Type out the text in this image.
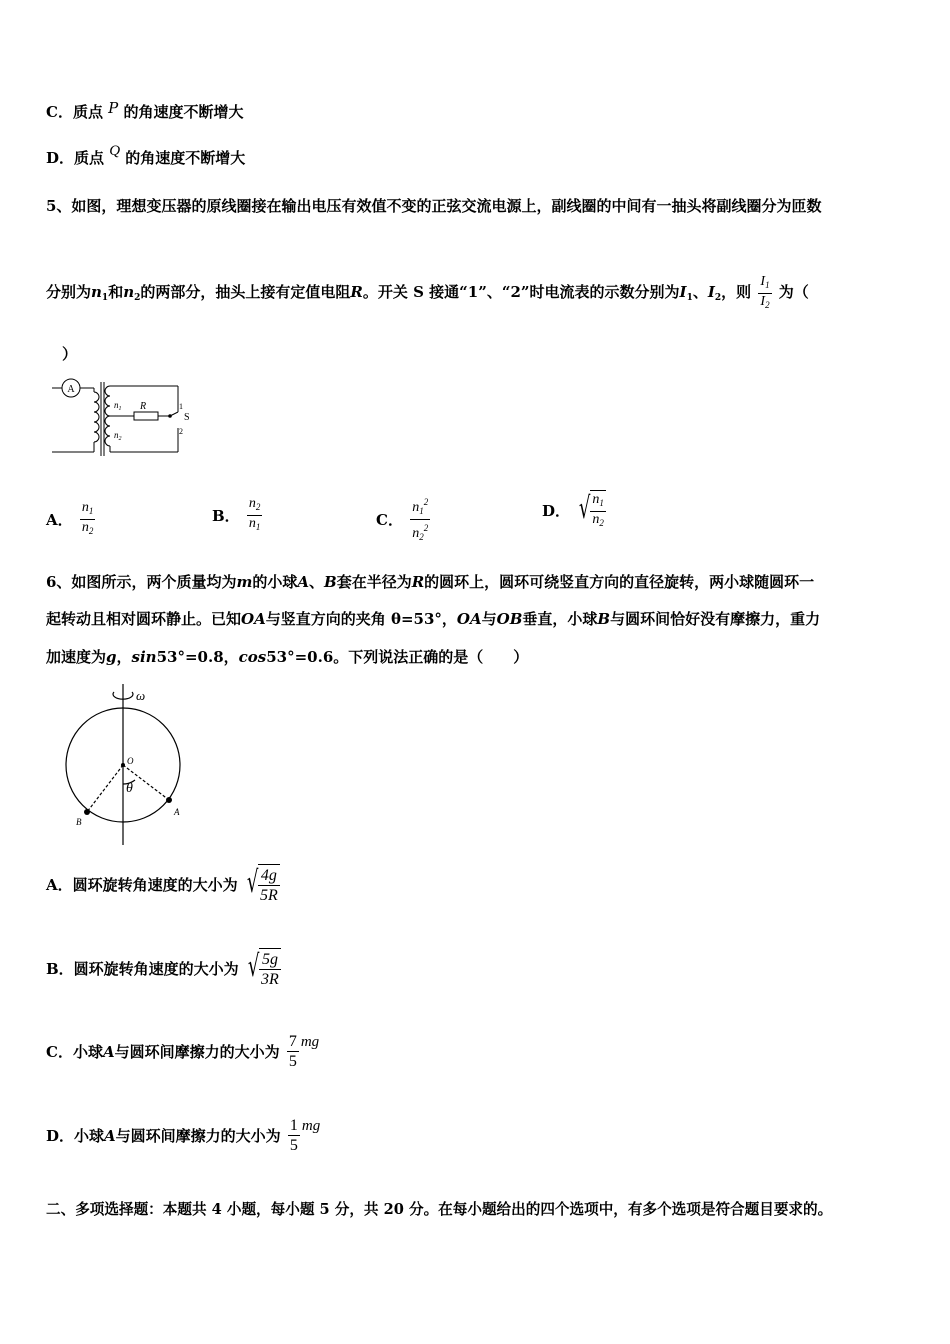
C．质点 P 的角速度不断增大
D．质点 Q 的角速度不断增大
5、如图，理想变压器的原线圈接在输出电压有效值不变的正弦交流电源上，副线圈的中间有一抽头将副线圈分为匝数
分别为$n_1$和$n_2$的两部分，抽头上接有定值电阻R。开关 S 接通“1”、“2”时电流表的示数分别为$I_1$、$I_2$，则 $\frac{I_1}{I_2}$ 为（
）
A
$n_1$
$n_2$
R
S
1
2
A． $\frac{n_1}{n_2}$	B． $\frac{n_2}{n_1}$	C． $\frac{n_1^2}{n_2^2}$	D． √ $\frac{n_1}{n_2}$
6、如图所示，两个质量均为m的小球A、B套在半径为R的圆环上，圆环可绕竖直方向的直径旋转，两小球随圆环一
起转动且相对圆环静止。已知OA与竖直方向的夹角 θ=53°，OA与OB垂直，小球B与圆环间恰好没有摩擦力，重力
加速度为g，sin53°=0.8，cos53°=0.6。下列说法正确的是（　　）
ω
O
θ
B
A
A．圆环旋转角速度的大小为 √ $\frac{4g}{5R}$
B．圆环旋转角速度的大小为 √ $\frac{5g}{3R}$
C．小球A与圆环间摩擦力的大小为 $\frac{7}{5}$ mg
D．小球A与圆环间摩擦力的大小为 $\frac{1}{5}$ mg
二、多项选择题：本题共 4 小题，每小题 5 分，共 20 分。在每小题给出的四个选项中，有多个选项是符合题目要求的。
